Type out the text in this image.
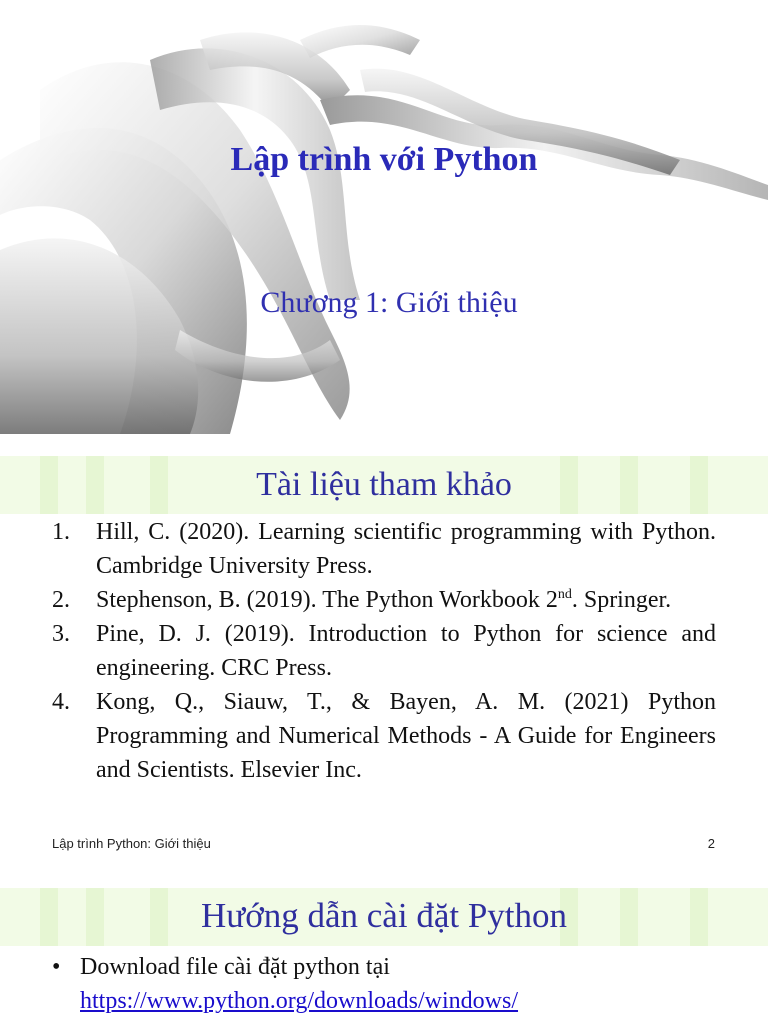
Lập trình với Python
Chương 1: Giới thiệu
Tài liệu tham khảo
1. Hill, C. (2020). Learning scientific programming with Python. Cambridge University Press.
2. Stephenson, B. (2019). The Python Workbook 2nd. Springer.
3. Pine, D. J. (2019). Introduction to Python for science and engineering. CRC Press.
4. Kong, Q., Siauw, T., & Bayen, A. M. (2021) Python Programming and Numerical Methods - A Guide for Engineers and Scientists. Elsevier Inc.
Lập trình Python: Giới thiệu	2
Hướng dẫn cài đặt Python
• Download file cài đặt python tại
https://www.python.org/downloads/windows/
